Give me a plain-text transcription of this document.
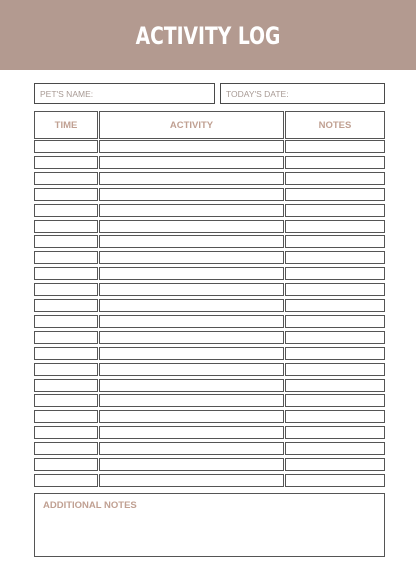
ACTIVITY LOG
PET'S NAME:	TODAY'S DATE:
TIME	ACTIVITY	NOTES
ADDITIONAL NOTES
